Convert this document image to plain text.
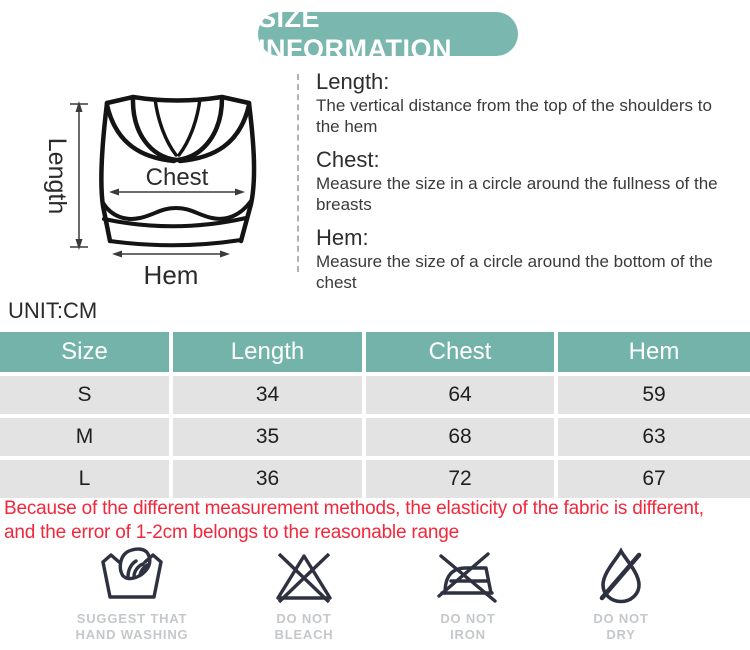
SIZE INFORMATION
Length	Chest
Hem

Length:

The vertical distance from the top of the shoulders to the hem

Chest:

Measure the size in a circle around the fullness of the breasts

Hem:

Measure the size of a circle around the bottom of the chest

UNIT:CM
Size	Length	Chest	Hem
S	34	64	59
M	35	68	63
L	36	72	67
Because of the different measurement methods, the elasticity of the fabric is different,
and the error of 1-2cm belongs to the reasonable range
SUGGEST THAT
HAND WASHING
DO NOT
BLEACH
DO NOT
IRON
DO NOT
DRY
